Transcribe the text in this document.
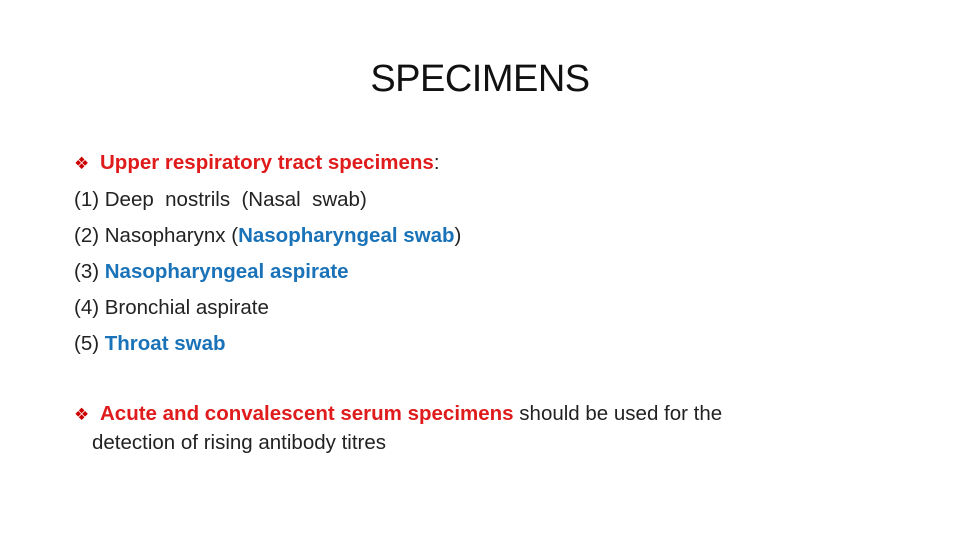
SPECIMENS
❖ Upper respiratory tract specimens :
(1) Deep  nostrils  (Nasal  swab)
(2) Nasopharynx (Nasopharyngeal swab)
(3) Nasopharyngeal aspirate
(4) Bronchial aspirate
(5) Throat swab
❖ Acute and convalescent serum specimens should be used for the
detection of rising antibody titres
